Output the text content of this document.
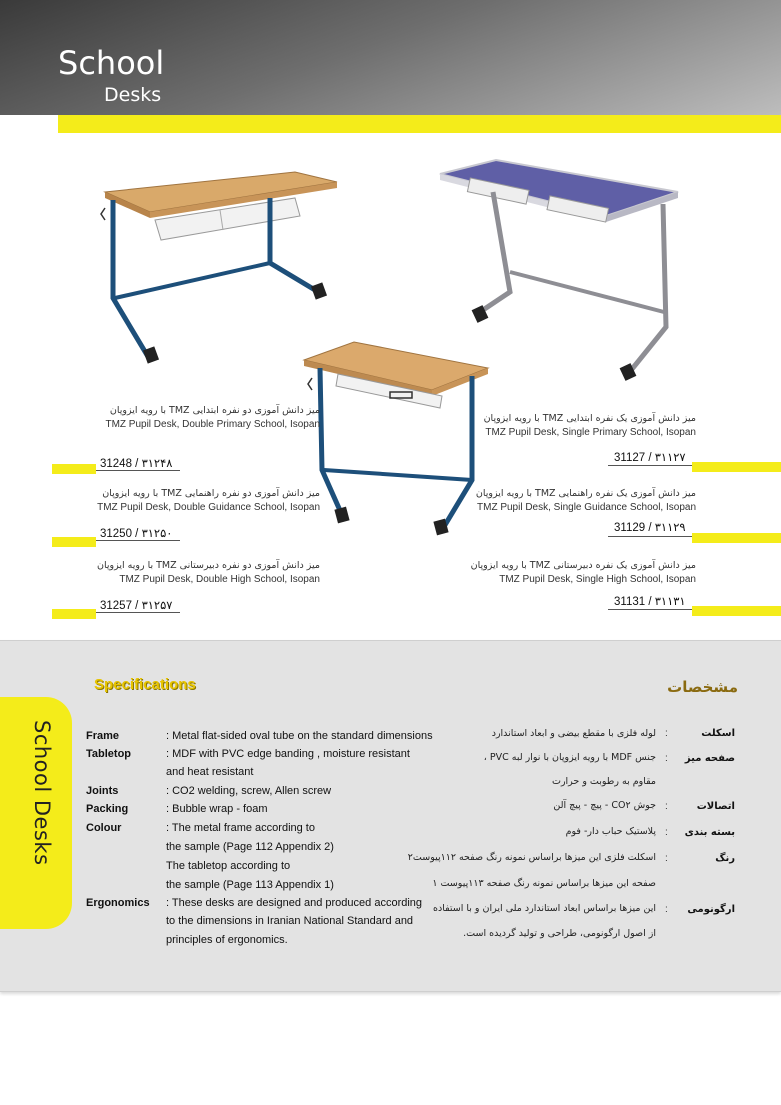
School
Desks
میز دانش آموزی دو نفره ابتدایی TMZ با رویه ایزوپان
TMZ Pupil Desk, Double Primary School, Isopan
31248 / ۳۱۲۴۸
میز دانش آموزی دو نفره راهنمایی TMZ با رویه ایزوپان
TMZ Pupil Desk, Double Guidance School, Isopan
31250 / ۳۱۲۵۰
میز دانش آموزی دو نفره دبیرستانی TMZ با رویه ایزوپان
TMZ Pupil Desk, Double High School, Isopan
31257 / ۳۱۲۵۷
میز دانش آموزی یک نفره ابتدایی TMZ با رویه ایزوپان
TMZ Pupil Desk, Single Primary School, Isopan
31127 / ۳۱۱۲۷
میز دانش آموزی یک نفره راهنمایی TMZ با رویه ایزوپان
TMZ Pupil Desk, Single Guidance School, Isopan
31129 / ۳۱۱۲۹
میز دانش آموزی یک نفره دبیرستانی TMZ با رویه ایزوپان
TMZ Pupil Desk, Single High School, Isopan
31131 / ۳۱۱۳۱
School Desks
Specifications	مشخصات
Frame	: Metal flat-sided oval tube on the standard dimensions
Tabletop	: MDF with PVC edge banding , moisture resistant
and heat resistant
Joints	: CO2 welding, screw, Allen screw
Packing	: Bubble wrap - foam
Colour	: The metal frame according to
the sample (Page 112 Appendix 2)
The tabletop according to
the sample (Page 113 Appendix 1)
Ergonomics	: These desks are designed and produced according
to the dimensions in Iranian National Standard and
principles of ergonomics.
اسکلت
:
لوله فلزی با مقطع بیضی و ابعاد استاندارد
صفحه میز
:
جنس MDF با رویه ایزوپان با نوار لبه PVC ،
مقاوم به رطوبت و حرارت
اتصالات
:
جوش CO۲ - پیچ - پیچ آلن
بسته بندی
:
پلاستیک حباب دار- فوم
رنگ
:
اسکلت فلزی این میزها براساس نمونه رنگ صفحه ۱۱۲پیوست۲
صفحه این میزها براساس نمونه رنگ صفحه ۱۱۳پیوست ۱
ارگونومی
:
این میزها براساس ابعاد استاندارد ملی ایران و با استفاده
از اصول ارگونومی، طراحی و تولید گردیده است.
